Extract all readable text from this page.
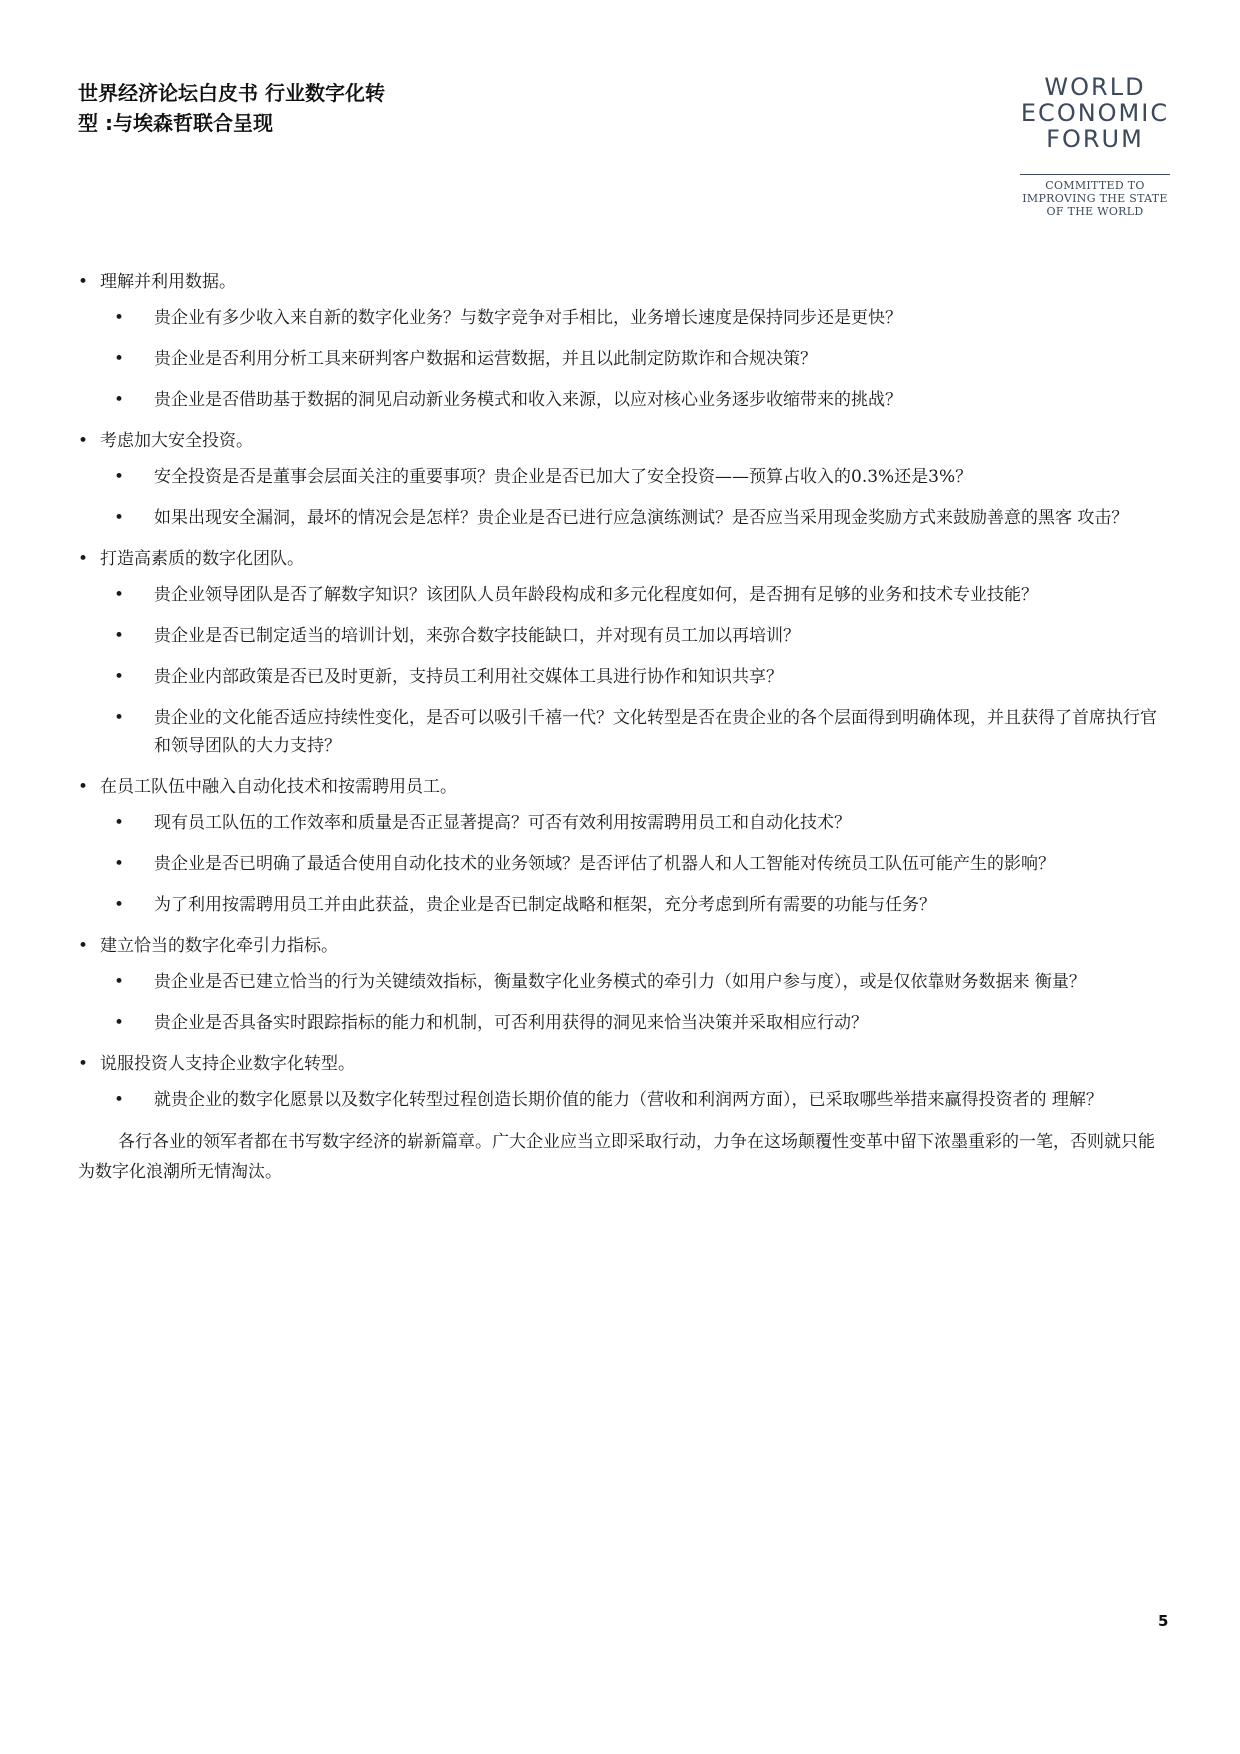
世界经济论坛白皮书 行业数字化转
型 :与埃森哲联合呈现
WORLD
ECONOMIC
FORUM
COMMITTED TO
IMPROVING THE STATE
OF THE WORLD
• 理解并利用数据。
• 贵企业有多少收入来自新的数字化业务？与数字竞争对手相比，业务增长速度是保持同步还是更快？
• 贵企业是否利用分析工具来研判客户数据和运营数据，并且以此制定防欺诈和合规决策？
• 贵企业是否借助基于数据的洞见启动新业务模式和收入来源，以应对核心业务逐步收缩带来的挑战？
• 考虑加大安全投资。
• 安全投资是否是董事会层面关注的重要事项？贵企业是否已加大了安全投资——预算占收入的0.3%还是3%？
• 如果出现安全漏洞，最坏的情况会是怎样？贵企业是否已进行应急演练测试？是否应当采用现金奖励方式来鼓励善意的黑客 攻击？
• 打造高素质的数字化团队。
• 贵企业领导团队是否了解数字知识？该团队人员年龄段构成和多元化程度如何，是否拥有足够的业务和技术专业技能？
• 贵企业是否已制定适当的培训计划，来弥合数字技能缺口，并对现有员工加以再培训？
• 贵企业内部政策是否已及时更新，支持员工利用社交媒体工具进行协作和知识共享？
• 贵企业的文化能否适应持续性变化，是否可以吸引千禧一代？文化转型是否在贵企业的各个层面得到明确体现，并且获得了首席执行官和领导团队的大力支持？
• 在员工队伍中融入自动化技术和按需聘用员工。
• 现有员工队伍的工作效率和质量是否正显著提高？可否有效利用按需聘用员工和自动化技术？
• 贵企业是否已明确了最适合使用自动化技术的业务领域？是否评估了机器人和人工智能对传统员工队伍可能产生的影响？
• 为了利用按需聘用员工并由此获益，贵企业是否已制定战略和框架，充分考虑到所有需要的功能与任务？
• 建立恰当的数字化牵引力指标。
• 贵企业是否已建立恰当的行为关键绩效指标，衡量数字化业务模式的牵引力（如用户参与度），或是仅依靠财务数据来 衡量？
• 贵企业是否具备实时跟踪指标的能力和机制，可否利用获得的洞见来恰当决策并采取相应行动？
• 说服投资人支持企业数字化转型。
• 就贵企业的数字化愿景以及数字化转型过程创造长期价值的能力（营收和利润两方面），已采取哪些举措来赢得投资者的 理解？

各行各业的领军者都在书写数字经济的崭新篇章。广大企业应当立即采取行动，力争在这场颠覆性变革中留下浓墨重彩的一笔，否则就只能为数字化浪潮所无情淘汰。

5
